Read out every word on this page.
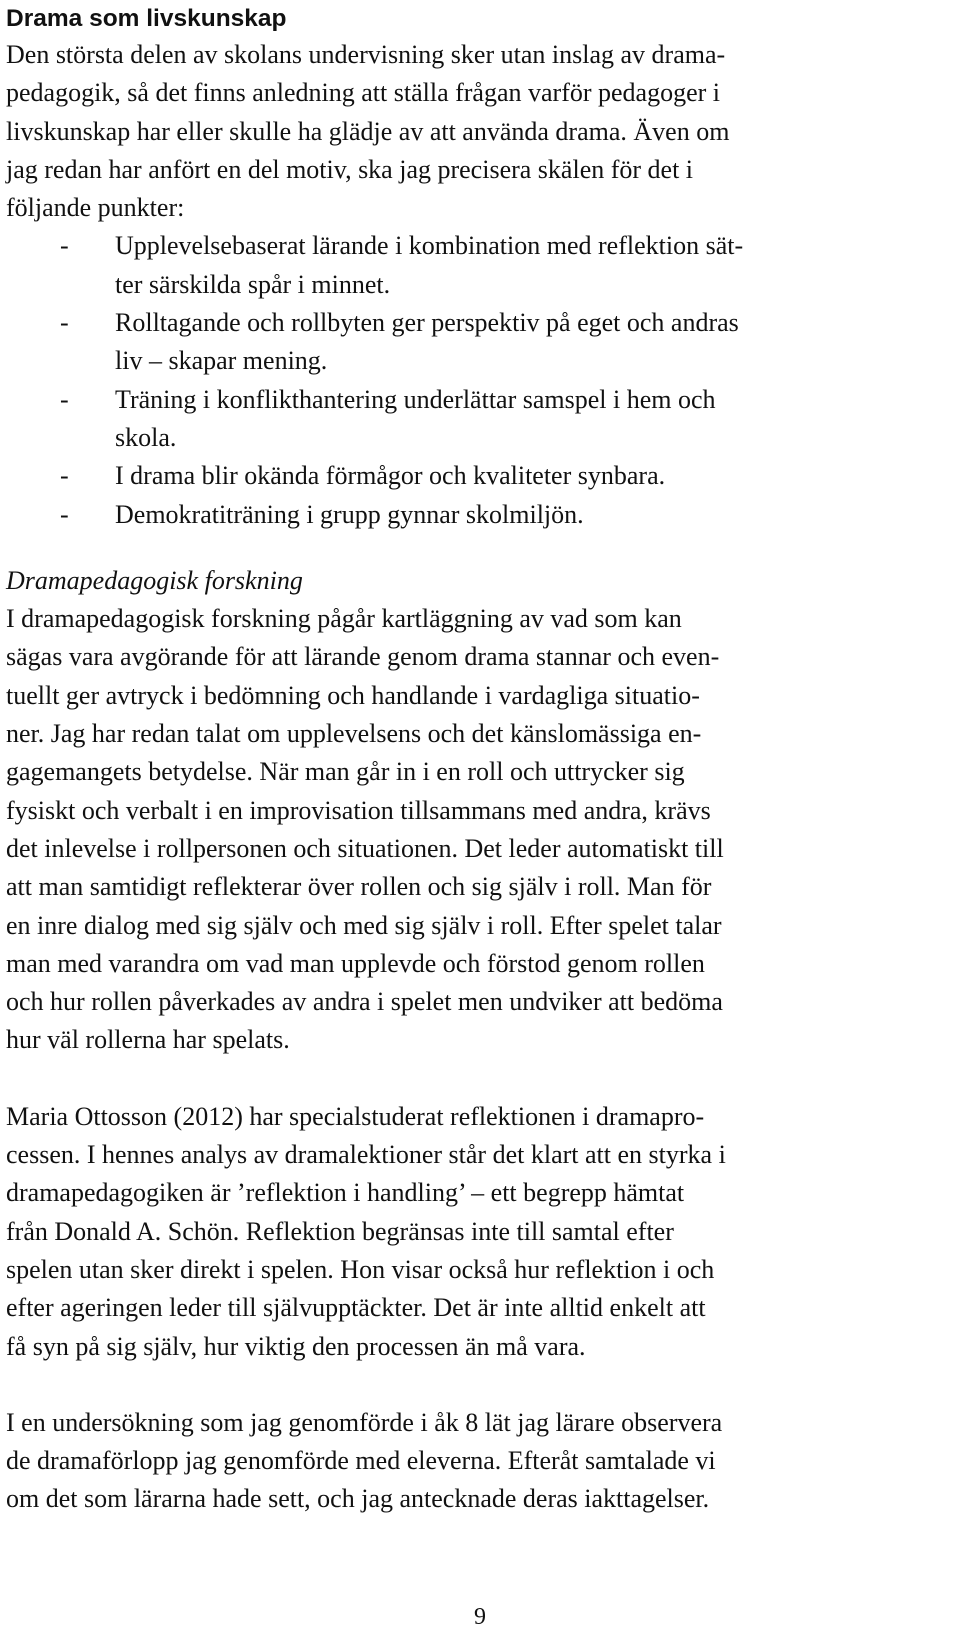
Drama som livskunskap
Den största delen av skolans undervisning sker utan inslag av drama-
pedagogik, så det finns anledning att ställa frågan varför pedagoger i
livskunskap har eller skulle ha glädje av att använda drama. Även om
jag redan har anfört en del motiv, ska jag precisera skälen för det i
följande punkter:
- Upplevelsebaserat lärande i kombination med reflektion sät-
ter särskilda spår i minnet.
- Rolltagande och rollbyten ger perspektiv på eget och andras
liv – skapar mening.
- Träning i konflikthantering underlättar samspel i hem och
skola.
- I drama blir okända förmågor och kvaliteter synbara.
- Demokratiträning i grupp gynnar skolmiljön.
Dramapedagogisk forskning
I dramapedagogisk forskning pågår kartläggning av vad som kan
sägas vara avgörande för att lärande genom drama stannar och even-
tuellt ger avtryck i bedömning och handlande i vardagliga situatio-
ner. Jag har redan talat om upplevelsens och det känslomässiga en-
gagemangets betydelse. När man går in i en roll och uttrycker sig
fysiskt och verbalt i en improvisation tillsammans med andra, krävs
det inlevelse i rollpersonen och situationen. Det leder automatiskt till
att man samtidigt reflekterar över rollen och sig själv i roll. Man för
en inre dialog med sig själv och med sig själv i roll. Efter spelet talar
man med varandra om vad man upplevde och förstod genom rollen
och hur rollen påverkades av andra i spelet men undviker att bedöma
hur väl rollerna har spelats.
Maria Ottosson (2012) har specialstuderat reflektionen i dramapro-
cessen. I hennes analys av dramalektioner står det klart att en styrka i
dramapedagogiken är ’reflektion i handling’ – ett begrepp hämtat
från Donald A. Schön. Reflektion begränsas inte till samtal efter
spelen utan sker direkt i spelen. Hon visar också hur reflektion i och
efter ageringen leder till självupptäckter. Det är inte alltid enkelt att
få syn på sig själv, hur viktig den processen än må vara.
I en undersökning som jag genomförde i åk 8 lät jag lärare observera
de dramaförlopp jag genomförde med eleverna. Efteråt samtalade vi
om det som lärarna hade sett, och jag antecknade deras iakttagelser.
9
